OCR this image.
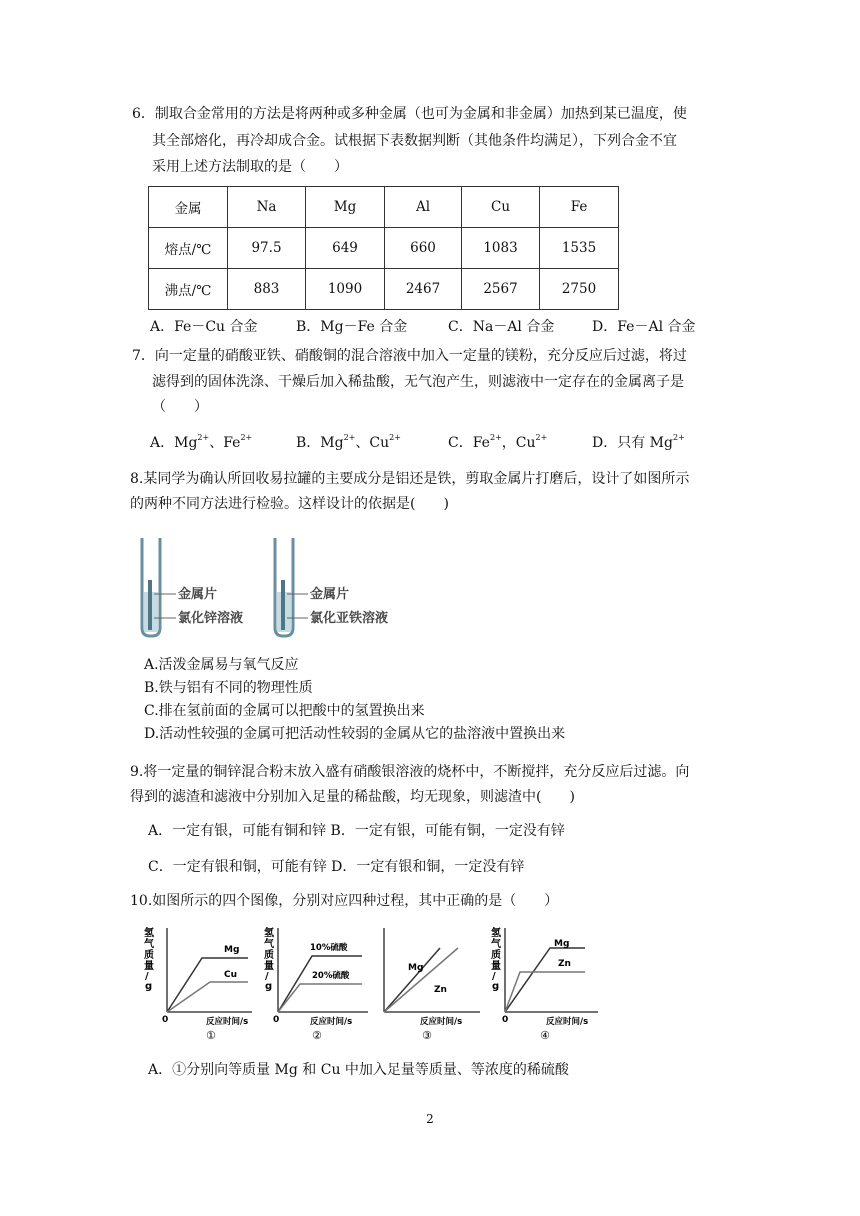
6．制取合金常用的方法是将两种或多种金属（也可为金属和非金属）加热到某已温度，使
其全部熔化，再冷却成合金。试根据下表数据判断（其他条件均满足），下列合金不宜
采用上述方法制取的是（　　）
金属	Na	Mg	Al	Cu	Fe
熔点/℃	97.5	649	660	1083	1535
沸点/℃	883	1090	2467	2567	2750
A．Fe－Cu 合金	B．Mg－Fe 合金	C．Na－Al 合金	D．Fe－Al 合金
7．向一定量的硝酸亚铁、硝酸铜的混合溶液中加入一定量的镁粉，充分反应后过滤，将过
滤得到的固体洗涤、干燥后加入稀盐酸，无气泡产生，则滤液中一定存在的金属离子是
（　　）
A．$Mg^{2+}$、$Fe^{2+}$	B．$Mg^{2+}$、$Cu^{2+}$	C．$Fe^{2+}$，$Cu^{2+}$	D．只有 $Mg^{2+}$
8.某同学为确认所回收易拉罐的主要成分是铝还是铁，剪取金属片打磨后，设计了如图所示
的两种不同方法进行检验。这样设计的依据是(　　)
金属片
氯化锌溶液
金属片
氯化亚铁溶液
A.活泼金属易与氧气反应
B.铁与铝有不同的物理性质
C.排在氢前面的金属可以把酸中的氢置换出来
D.活动性较强的金属可把活动性较弱的金属从它的盐溶液中置换出来
9.将一定量的铜锌混合粉末放入盛有硝酸银溶液的烧杯中，不断搅拌，充分反应后过滤。向
得到的滤渣和滤液中分别加入足量的稀盐酸，均无现象，则滤渣中(　　)
A．一定有银，可能有铜和锌 B．一定有银，可能有铜，一定没有锌
C．一定有银和铜，可能有锌 D．一定有银和铜，一定没有锌
10.如图所示的四个图像，分别对应四种过程，其中正确的是（　　）
氢
气
质
量
/
g
Mg
Cu
0	反应时间/s
①
氢
气
质
量
/
g
10%硫酸
20%硫酸
0	反应时间/s
②
Mg
Zn
反应时间/s
③
氢
气
质
量
/
g
Mg
Zn
0	反应时间/s
④
A．①分别向等质量 Mg 和 Cu 中加入足量等质量、等浓度的稀硫酸
2
